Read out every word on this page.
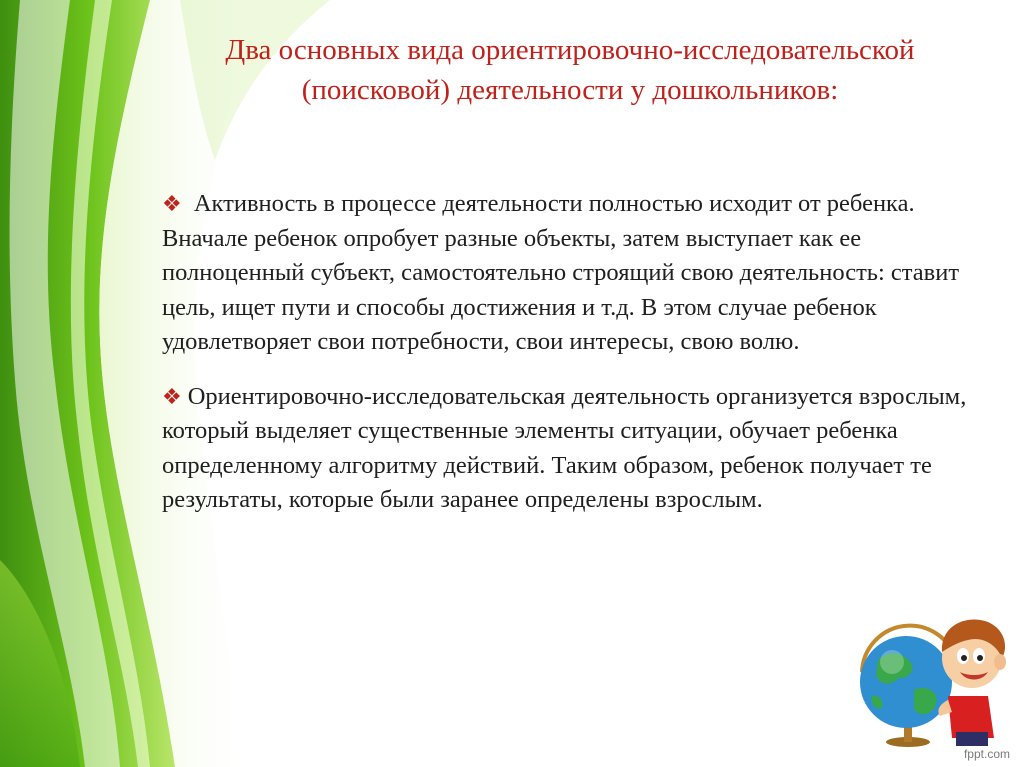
Два основных вида ориентировочно-исследовательской (поисковой) деятельности у дошкольников:

❖ Активность в процессе деятельности полностью исходит от ребенка. Вначале ребенок опробует разные объекты, затем выступает как ее полноценный субъект, самостоятельно строящий свою деятельность: ставит цель, ищет пути и способы достижения и т.д. В этом случае ребенок удовлетворяет свои потребности, свои интересы, свою волю.

❖ Ориентировочно-исследовательская деятельность организуется взрослым, который выделяет существенные элементы ситуации, обучает ребенка определенному алгоритму действий. Таким образом, ребенок получает те результаты, которые были заранее определены взрослым.

fppt.com
